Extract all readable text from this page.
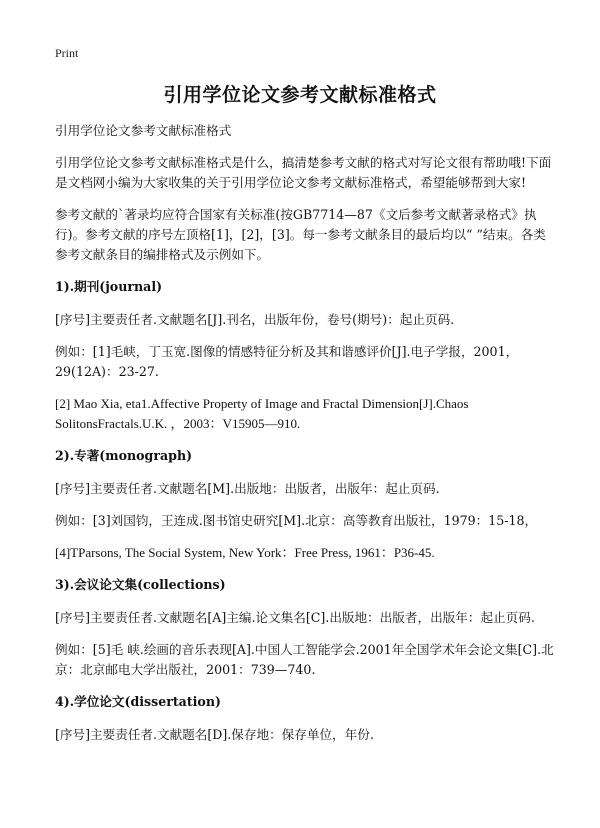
Print
引用学位论文参考文献标准格式

引用学位论文参考文献标准格式

引用学位论文参考文献标准格式是什么，搞清楚参考文献的格式对写论文很有帮助哦!下面是文档网小编为大家收集的关于引用学位论文参考文献标准格式，希望能够帮到大家!

参考文献的`著录均应符合国家有关标准(按GB7714—87《文后参考文献著录格式》执行)。参考文献的序号左顶格[1]，[2]，[3]。每一参考文献条目的最后均以“ ”结束。各类参考文献条目的编排格式及示例如下。

1).期刊(journal)

[序号]主要责任者.文献题名[J].刊名，出版年份，卷号(期号)：起止页码.

例如：[1]毛峡，丁玉宽.图像的情感特征分析及其和谐感评价[J].电子学报，2001，29(12A)：23-27.

[2] Mao Xia, eta1.Affective Property of Image and Fractal Dimension[J].Chaos SolitonsFractals.U.K. ，2003：V15905—910.

2).专著(monograph)

[序号]主要责任者.文献题名[M].出版地：出版者，出版年：起止页码.

例如：[3]刘国钧，王连成.图书馆史研究[M].北京：高等教育出版社，1979：15-18，

[4]TParsons, The Social System, New York：Free Press, 1961：P36-45.

3).会议论文集(collections)

[序号]主要责任者.文献题名[A]主编.论文集名[C].出版地：出版者，出版年：起止页码.

例如：[5]毛 峡.绘画的音乐表现[A].中国人工智能学会.2001年全国学术年会论文集[C].北京：北京邮电大学出版社，2001：739—740.

4).学位论文(dissertation)

[序号]主要责任者.文献题名[D].保存地：保存单位，年份.
